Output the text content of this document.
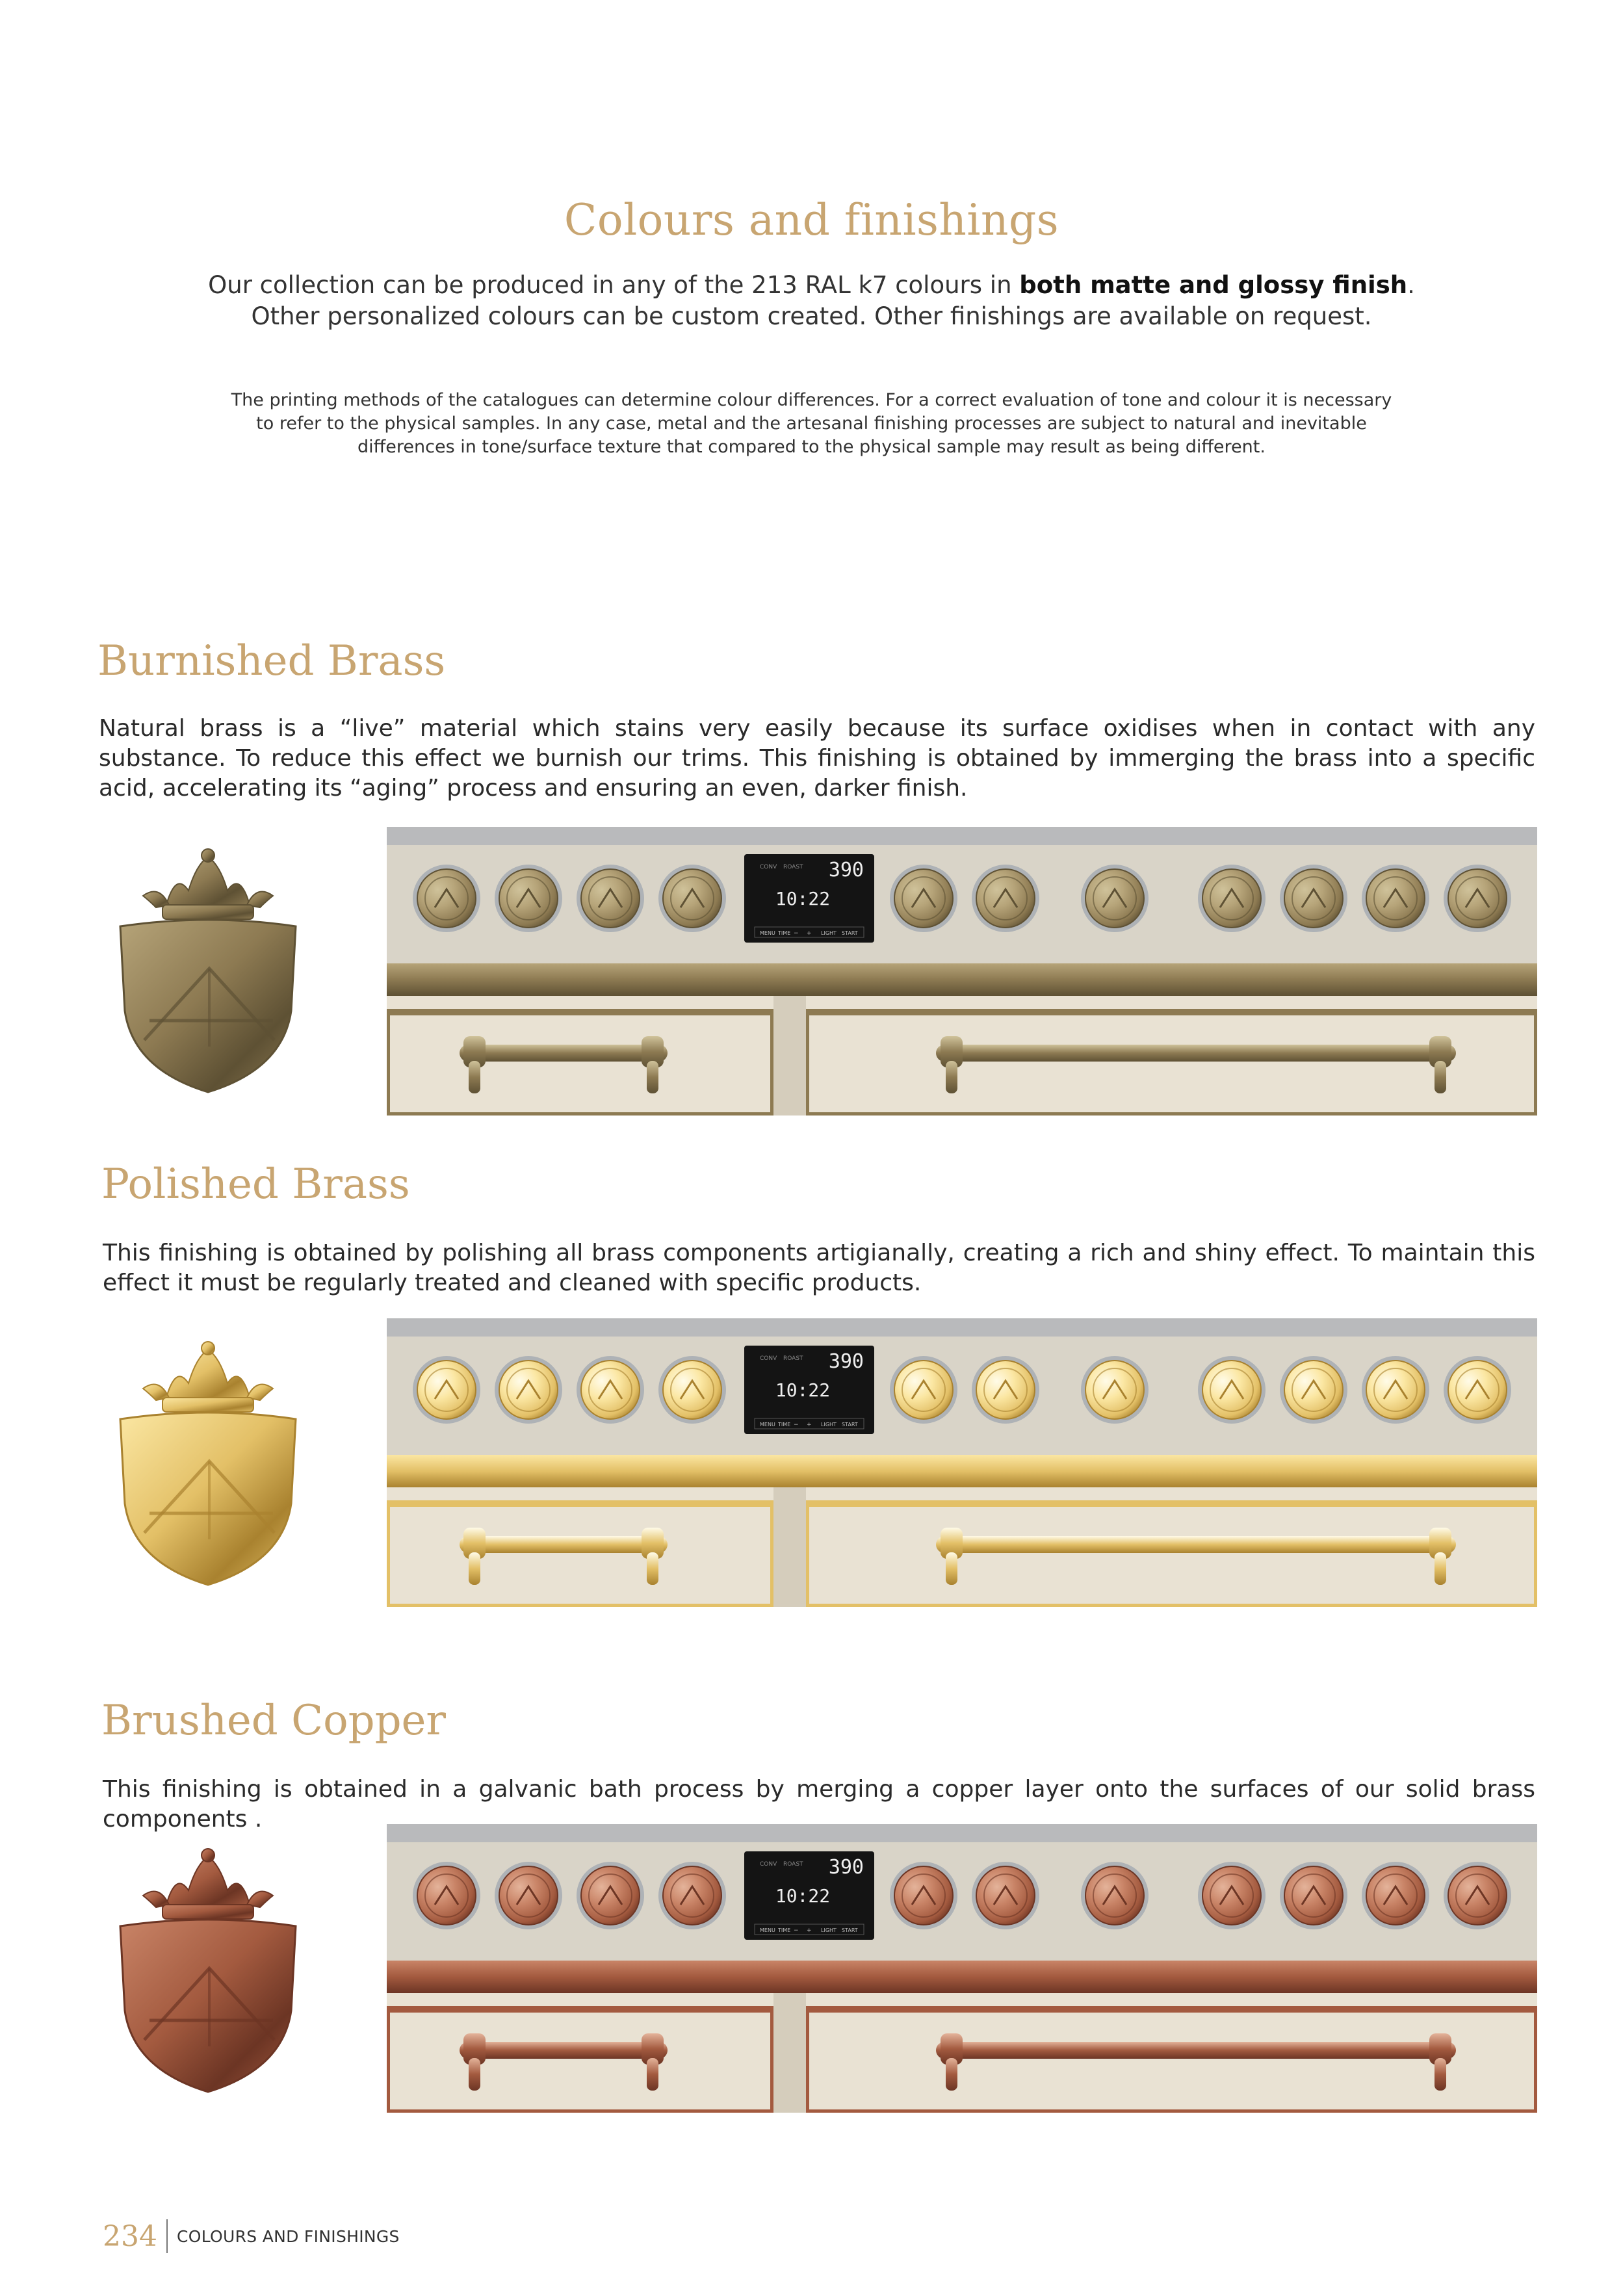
Colours and finishings
Our collection can be produced in any of the 213 RAL k7 colours in both matte and glossy finish.
Other personalized colours can be custom created. Other finishings are available on request.
The printing methods of the catalogues can determine colour differences. For a correct evaluation of tone and colour it is necessary
to refer to the physical samples. In any case, metal and the artesanal finishing processes are subject to natural and inevitable
differences in tone/surface texture that compared to the physical sample may result as being different.
Burnished Brass
Natural brass is a “live” material which stains very easily because its surface oxidises when in contact with any substance. To reduce this effect we burnish our trims. This finishing is obtained by immerging the brass into a specific acid, accelerating its “aging” process and ensuring an even, darker finish.
CONV ROAST 390
10:22
MENU TIME − + LIGHT START
Polished Brass
This finishing is obtained by polishing all brass components artigianally, creating a rich and shiny effect. To maintain this effect it must be regularly treated and cleaned with specific products.
CONV ROAST 390
10:22
MENU TIME − + LIGHT START
Brushed Copper
This finishing is obtained in a galvanic bath process by merging a copper layer onto the surfaces of our solid brass components .
CONV ROAST 390
10:22
MENU TIME − + LIGHT START
234 COLOURS AND FINISHINGS
